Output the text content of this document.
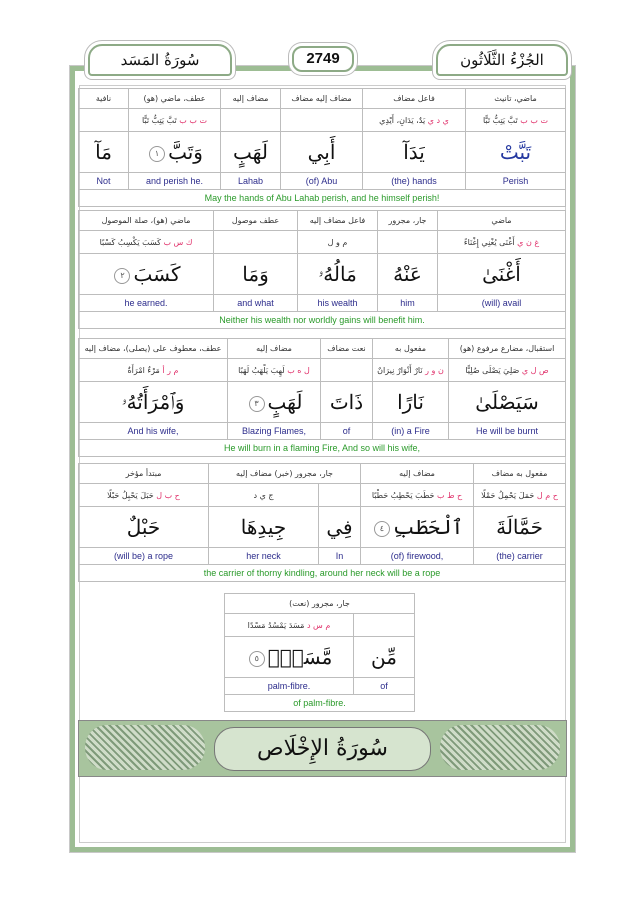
سُورَةُ المَسَد	2749	الجُزْءُ الثَّلَاثُون
ماضي، تانيث	فاعل مضاف	مضاف إليه مضاف	مضاف إليه	عطف، ماضي (هو)	نافية
ت ب ب تَبَّ يَتِبُّ تَبًّا	ي د ي يَدٌ، يَدَانِ، أَيْدِي			ت ب ب تَبَّ يَتِبُّ تَبًّا	
تَبَّتْ	يَدَآ	أَبِي	لَهَبٍ	وَتَبَّ١	مَآ
Perish	(the) hands	(of) Abu	Lahab	and perish he.	Not
May the hands of Abu Lahab perish, and he himself perish!					
ماضي	جار، مجرور	فاعل مضاف إليه	عطف موصول	ماضي (هو)، صلة الموصول
غ ن ي أَغْنَى يُغْنِي إِغْنَاءً		م و ل		ك س ب كَسَبَ يَكْسِبُ كَسْبًا
أَغْنَىٰ	عَنْهُ	مَالُهُۥ	وَمَا	كَسَبَ٢
(will) avail	him	his wealth	and what	he earned.
Neither his wealth nor worldly gains will benefit him.				
استقبال، مضارع مرفوع (هو)	مفعول به	نعت مضاف	مضاف إليه	عطف، معطوف على (يصلى)، مضاف إليه
ص ل ي صَلِيَ يَصْلَى صُلِيًّا	ن و ر نَارٌ أَنْوَارٌ نِيرَانٌ		ل ه ب لَهِبَ يَلْهَبُ لَهَبًا	م ر أ مَرْءٌ امْرَأَةٌ
سَيَصْلَىٰ	نَارًا	ذَاتَ	لَهَبٍ٣	وَٱمْرَأَتُهُۥ
He will be burnt	(in) a Fire	of	Blazing Flames,	And his wife,
He will burn in a flaming Fire, And so will his wife,				
مفعول به مضاف	مضاف إليه	جار، مجرور (خبر) مضاف إليه		مبتدأ مؤخر
ح م ل حَمَلَ يَحْمِلُ حَمْلًا	ح ط ب حَطَبَ يَحْطِبُ حَطْبًا		ج ي د	ح ب ل حَبَلَ يَحْبِلُ حَبْلًا
حَمَّالَةَ	ٱلْحَطَبِ٤	فِي	جِيدِهَا	حَبْلٌ
(the) carrier	(of) firewood,	In	her neck	(will be) a rope
the carrier of thorny kindling, around her neck will be a rope				
جار، مجرور (نعت)	
	م س د مَسَدَ يَمْسُدُ مَسْدًا
مِّن	مَّسَدٍۭ٥
of	palm-fibre.
of palm-fibre.	
سُورَةُ الإِخْلَاص
